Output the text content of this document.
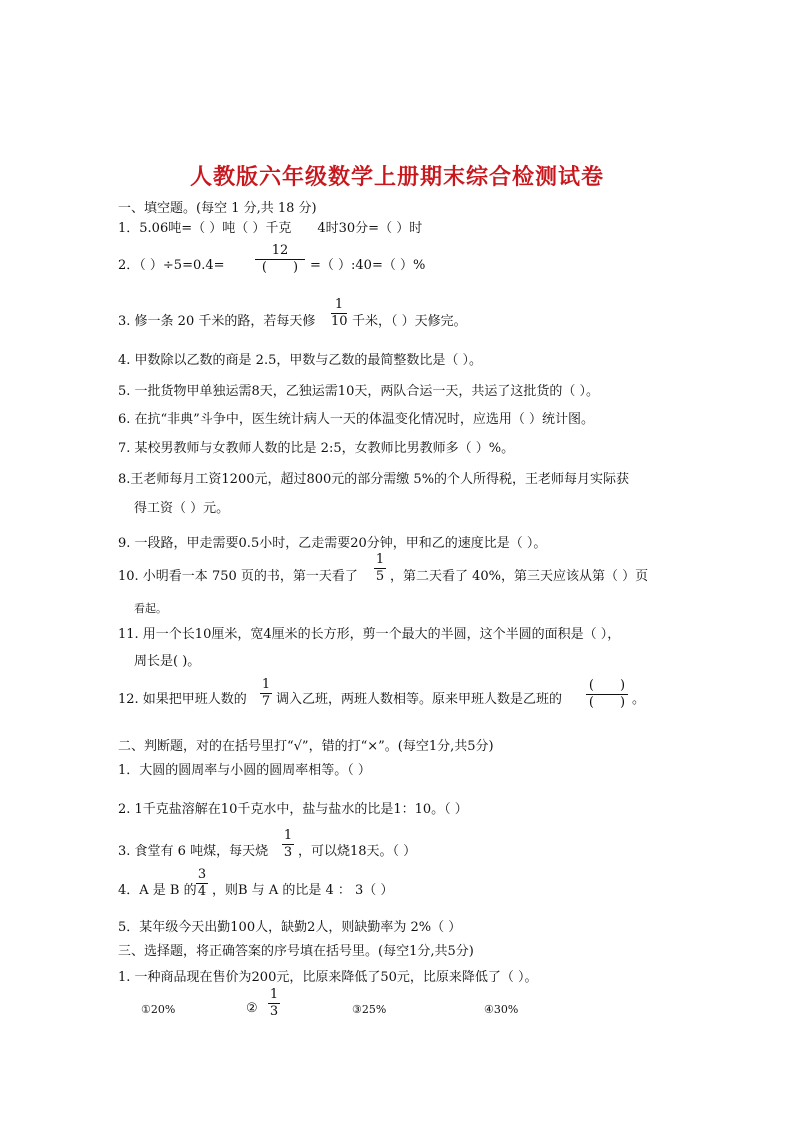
人教版六年级数学上册期末综合检测试卷
一、填空题。(每空 1 分,共 18 分)
1．5.06吨=（ ）吨（ ）千克　　4时30分=（ ）时
2．（ ）÷5=0.4=
12
(　　) =（ ）:40=（ ）%
3. 修一条 20 千米的路，若每天修
1
10 千米，（ ）天修完。
4. 甲数除以乙数的商是 2.5，甲数与乙数的最简整数比是（ ）。
5. 一批货物甲单独运需8天，乙独运需10天，两队合运一天，共运了这批货的（ ）。
6. 在抗“非典”斗争中，医生统计病人一天的体温变化情况时，应选用（ ）统计图。
7. 某校男教师与女教师人数的比是 2:5，女教师比男教师多（ ）%。
8.王老师每月工资1200元，超过800元的部分需缴 5%的个人所得税，王老师每月实际获
得工资（ ）元。
9. 一段路，甲走需要0.5小时，乙走需要20分钟，甲和乙的速度比是（ ）。
10. 小明看一本 750 页的书，第一天看了
1
5 ，第二天看了 40%，第三天应该从第（ ）页
看起。
11. 用一个长10厘米，宽4厘米的长方形，剪一个最大的半圆，这个半圆的面积是（ ），
周长是( )。
12. 如果把甲班人数的
1
7 调入乙班，两班人数相等。原来甲班人数是乙班的
(　　)
(　　) 。
二、判断题，对的在括号里打“√”，错的打“×”。(每空1分,共5分)
1．大圆的圆周率与小圆的圆周率相等。（ ）
2. 1千克盐溶解在10千克水中，盐与盐水的比是1：10。（ ）
3. 食堂有 6 吨煤，每天烧
1
3 ，可以烧18天。（ ）
4．A 是 B 的
3
4 ，则B 与 A 的比是 4 ： 3（ ）
5．某年级今天出勤100人，缺勤2人，则缺勤率为 2%（ ）
三、选择题，将正确答案的序号填在括号里。(每空1分,共5分)
1. 一种商品现在售价为200元，比原来降低了50元，比原来降低了（ ）。
①20%	②
1
3	③25%	④30%
